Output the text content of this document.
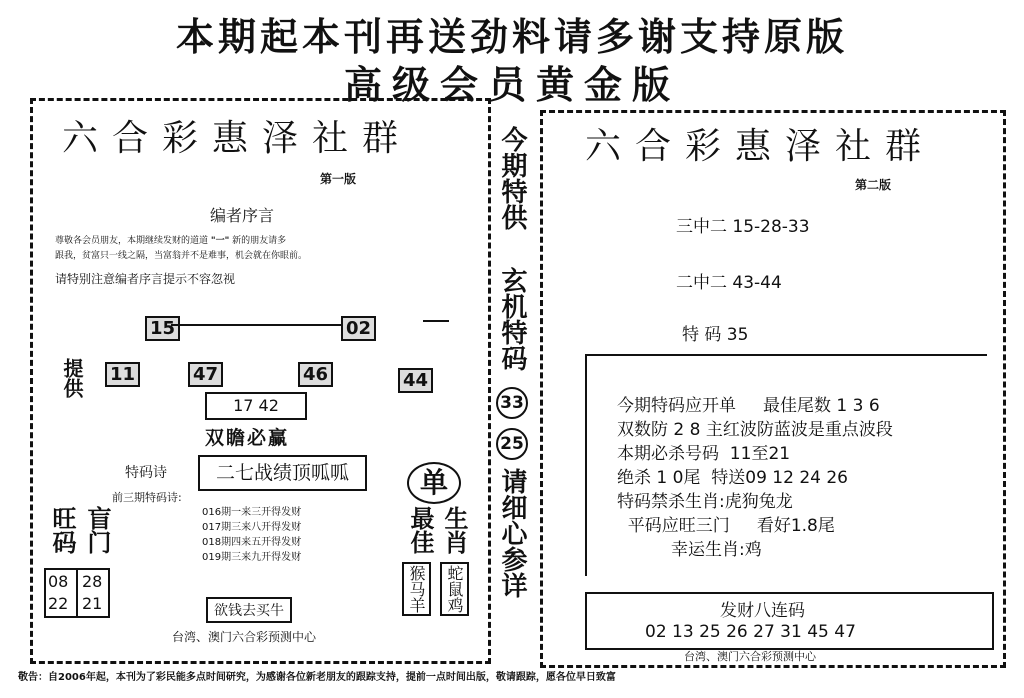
本期起本刊再送劲料请多谢支持原版
高级会员黄金版
六合彩惠泽社群
第一版
编者序言
尊敬各会员朋友，本期继续发财的道道 "一" 新的朋友请多
跟我，贫富只一线之隔，当富翁并不是难事，机会就在你眼前。
请特别注意编者序言提示不容忽视
15	02
提供 11	47	46	44
17 42
双瞻必赢
特码诗	二七战绩顶呱呱
前三期特码诗:
016期一来三开得发财
017期三来八开得发财
018期四来五开得发财
019期三来九开得发财
旺码 盲门
08 28
22 21
单
最佳 生肖
猴马羊	蛇鼠鸡
欲钱去买牛
台湾、澳门六合彩预测中心
今期特供
玄机特码
33
25
请细心参详
六合彩惠泽社群
第二版
三中二 15-28-33
二中二 43-44
特 码 35
今期特码应开单     最佳尾数 1 3 6
双数防 2 8 主红波防蓝波是重点波段
本期必杀号码  11至21
绝杀 1 0尾  特送09 12 24 26
特码禁杀生肖:虎狗兔龙
平码应旺三门     看好1.8尾
幸运生肖:鸡
发财八连码
02 13 25 26 27 31 45 47
台湾、澳门六合彩预测中心
敬告：自2006年起，本刊为了彩民能多点时间研究，为感谢各位新老朋友的跟踪支持，提前一点时间出版，敬请跟踪，愿各位早日致富
